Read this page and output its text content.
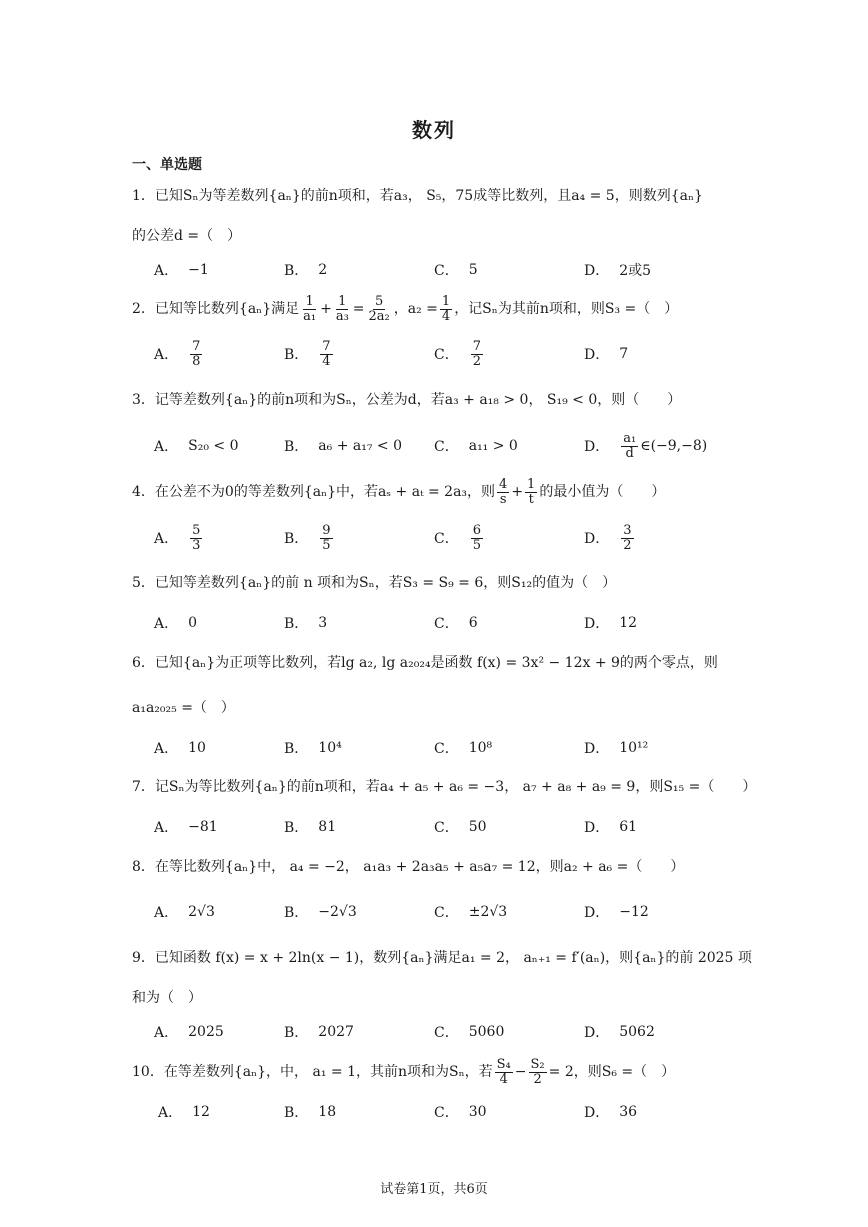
数列
一、单选题
1．已知Sₙ为等差数列{aₙ}的前n项和，若a₃， S₅，75成等比数列，且a₄ = 5，则数列{aₙ}
的公差d =（　）
A． −1	B． 2	C． 5	D． 2或5
2．已知等比数列{aₙ}满足 $\frac{1}{\text{a₁}} + \frac{1}{\text{a₃}} = \frac{5}{\text{2a₂}}$ ，$a_2 = \frac{1}{4}$ ，记Sₙ为其前n项和，则S₃ =（　）
A． $\frac{7}{8}$	B． $\frac{7}{4}$	C． $\frac{7}{2}$	D． 7
3．记等差数列{aₙ}的前n项和为Sₙ，公差为d，若a₃ + a₁₈ > 0， S₁₉ < 0，则（　　）
A． S₂₀ < 0	B． a₆ + a₁₇ < 0 C． a₁₁ > 0	D． $\frac{\text{a₁}}{d}$ ∈(−9,−8)
4．在公差不为0的等差数列{aₙ}中，若aₛ + aₜ = 2a₃，则 $\frac{4}{s} + \frac{1}{t}$ 的最小值为（　　）
A． $\frac{5}{3}$	B． $\frac{9}{5}$	C． $\frac{6}{5}$	D． $\frac{3}{2}$
5．已知等差数列{aₙ}的前 n 项和为Sₙ，若S₃ = S₉ = 6，则S₁₂的值为（　）
A． 0	B． 3	C． 6	D． 12
6．已知{aₙ}为正项等比数列，若lg a₂, lg a₂₀₂₄是函数 f(x) = 3x² − 12x + 9的两个零点，则
a₁a₂₀₂₅ =（　）
A． 10	B． 10⁴	C． 10⁸	D． 10¹²
7．记Sₙ为等比数列{aₙ}的前n项和，若a₄ + a₅ + a₆ = −3， a₇ + a₈ + a₉ = 9，则S₁₅ =（　　）
A． −81	B． 81	C． 50	D． 61
8．在等比数列{aₙ}中， a₄ = −2， a₁a₃ + 2a₃a₅ + a₅a₇ = 12，则a₂ + a₆ =（　　）
A． 2√3	B． −2√3	C． ±2√3	D． −12
9．已知函数 f(x) = x + 2ln(x − 1)，数列{aₙ}满足a₁ = 2， aₙ₊₁ = f′(aₙ)，则{aₙ}的前 2025 项
和为（　）
A． 2025	B． 2027	C． 5060	D． 5062
10．在等差数列{aₙ}，中， a₁ = 1，其前n项和为Sₙ，若 $\frac{\text{S₄}}{4} - \frac{\text{S₂}}{2} = 2$，则S₆ =（　）
A． 12	B． 18	C． 30	D． 36
试卷第1页，共6页
